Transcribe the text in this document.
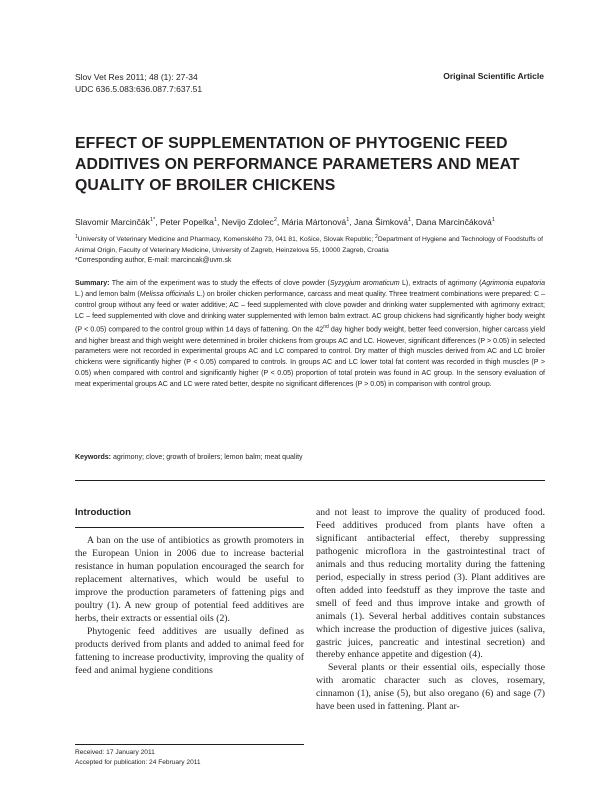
Slov Vet Res 2011; 48 (1): 27-34
UDC 636.5.083:636.087.7:637.51
Original Scientific Article
EFFECT OF SUPPLEMENTATION OF PHYTOGENIC FEED ADDITIVES ON PERFORMANCE PARAMETERS AND MEAT QUALITY OF BROILER CHICKENS
Slavomir Marcinčák$^{1*}$, Peter Popelka$^1$, Nevijo Zdolec$^2$, Mária Mártonová$^1$, Jana Šimková$^1$, Dana Marcinčáková$^1$
$^1$University of Veterinary Medicine and Pharmacy, Komenského 73, 041 81, Košice, Slovak Republic; $^2$Department of Hygiene and Technology of Foodstuffs of Animal Origin, Faculty of Veterinary Medicine, University of Zagreb, Heinzelova 55, 10000 Zagreb, Croatia
*Corresponding author, E-mail: marcincak@uvm.sk
Summary: The aim of the experiment was to study the effects of clove powder (Syzygium aromaticum L), extracts of agrimony (Agrimonia eupatoria L.) and lemon balm (Melissa officinalis L.) on broiler chicken performance, carcass and meat quality. Three treatment combinations were prepared: C – control group without any feed or water additive; AC – feed supplemented with clove powder and drinking water supplemented with agrimony extract; LC – feed supplemented with clove and drinking water supplemented with lemon balm extract. AC group chickens had significantly higher body weight (P < 0.05) compared to the control group within 14 days of fattening. On the 42nd day higher body weight, better feed conversion, higher carcass yield and higher breast and thigh weight were determined in broiler chickens from groups AC and LC. However, significant differences (P > 0.05) in selected parameters were not recorded in experimental groups AC and LC compared to control. Dry matter of thigh muscles derived from AC and LC broiler chickens were significantly higher (P < 0.05) compared to controls. In groups AC and LC lower total fat content was recorded in thigh muscles (P > 0.05) when compared with control and significantly higher (P < 0.05) proportion of total protein was found in AC group. In the sensory evaluation of meat experimental groups AC and LC were rated better, despite no significant differences (P > 0.05) in comparison with control group.
Keywords: agrimony; clove; growth of broilers; lemon balm; meat quality
Introduction

A ban on the use of antibiotics as growth promoters in the European Union in 2006 due to increase bacterial resistance in human population encouraged the search for replacement alternatives, which would be useful to improve the production parameters of fattening pigs and poultry (1). A new group of potential feed additives are herbs, their extracts or essential oils (2).

Phytogenic feed additives are usually defined as products derived from plants and added to animal feed for fattening to increase productivity, improving the quality of feed and animal hygiene conditions

and not least to improve the quality of produced food. Feed additives produced from plants have often a significant antibacterial effect, thereby suppressing pathogenic microflora in the gastrointestinal tract of animals and thus reducing mortality during the fattening period, especially in stress period (3). Plant additives are often added into feedstuff as they improve the taste and smell of feed and thus improve intake and growth of animals (1). Several herbal additives contain substances which increase the production of digestive juices (saliva, gastric juices, pancreatic and intestinal secretion) and thereby enhance appetite and digestion (4).

Several plants or their essential oils, especially those with aromatic character such as cloves, rosemary, cinnamon (1), anise (5), but also oregano (6) and sage (7) have been used in fattening. Plant ar-

Received: 17 January 2011
Accepted for publication: 24 February 2011
